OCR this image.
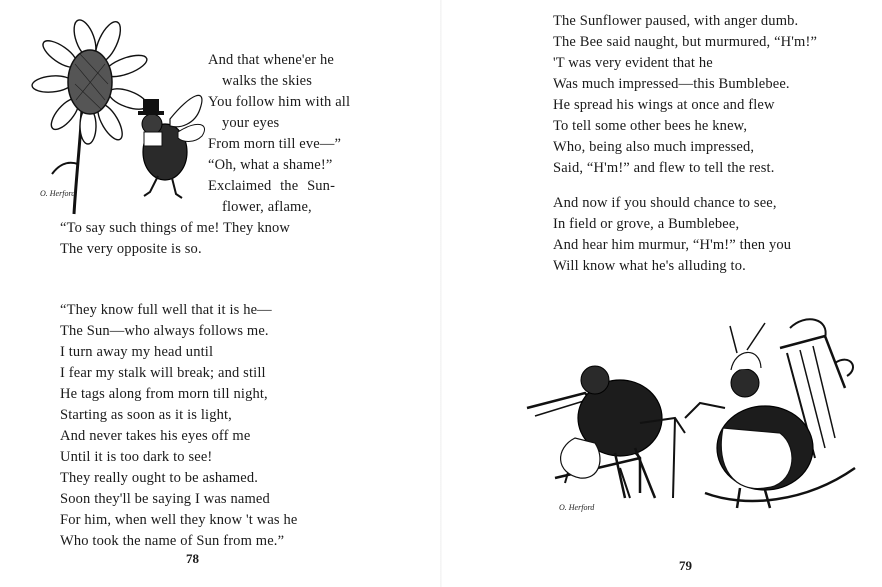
O. Herford
And that whene'er he
walks the skies
You follow him with all
your eyes
From morn till eve—”
“Oh, what a shame!”
Exclaimed the Sun-
flower, aflame,
“To say such things of me! They know
The very opposite is so.
“They know full well that it is he—
The Sun—who always follows me.
I turn away my head until
I fear my stalk will break; and still
He tags along from morn till night,
Starting as soon as it is light,
And never takes his eyes off me
Until it is too dark to see!
They really ought to be ashamed.
Soon they'll be saying I was named
For him, when well they know 't was he
Who took the name of Sun from me.”
78
The Sunflower paused, with anger dumb.
The Bee said naught, but murmured, “H'm!”
'T was very evident that he
Was much impressed—this Bumblebee.
He spread his wings at once and flew
To tell some other bees he knew,
Who, being also much impressed,
Said, “H'm!” and flew to tell the rest.
And now if you should chance to see,
In field or grove, a Bumblebee,
And hear him murmur, “H'm!” then you
Will know what he's alluding to.
O. Herford
79
